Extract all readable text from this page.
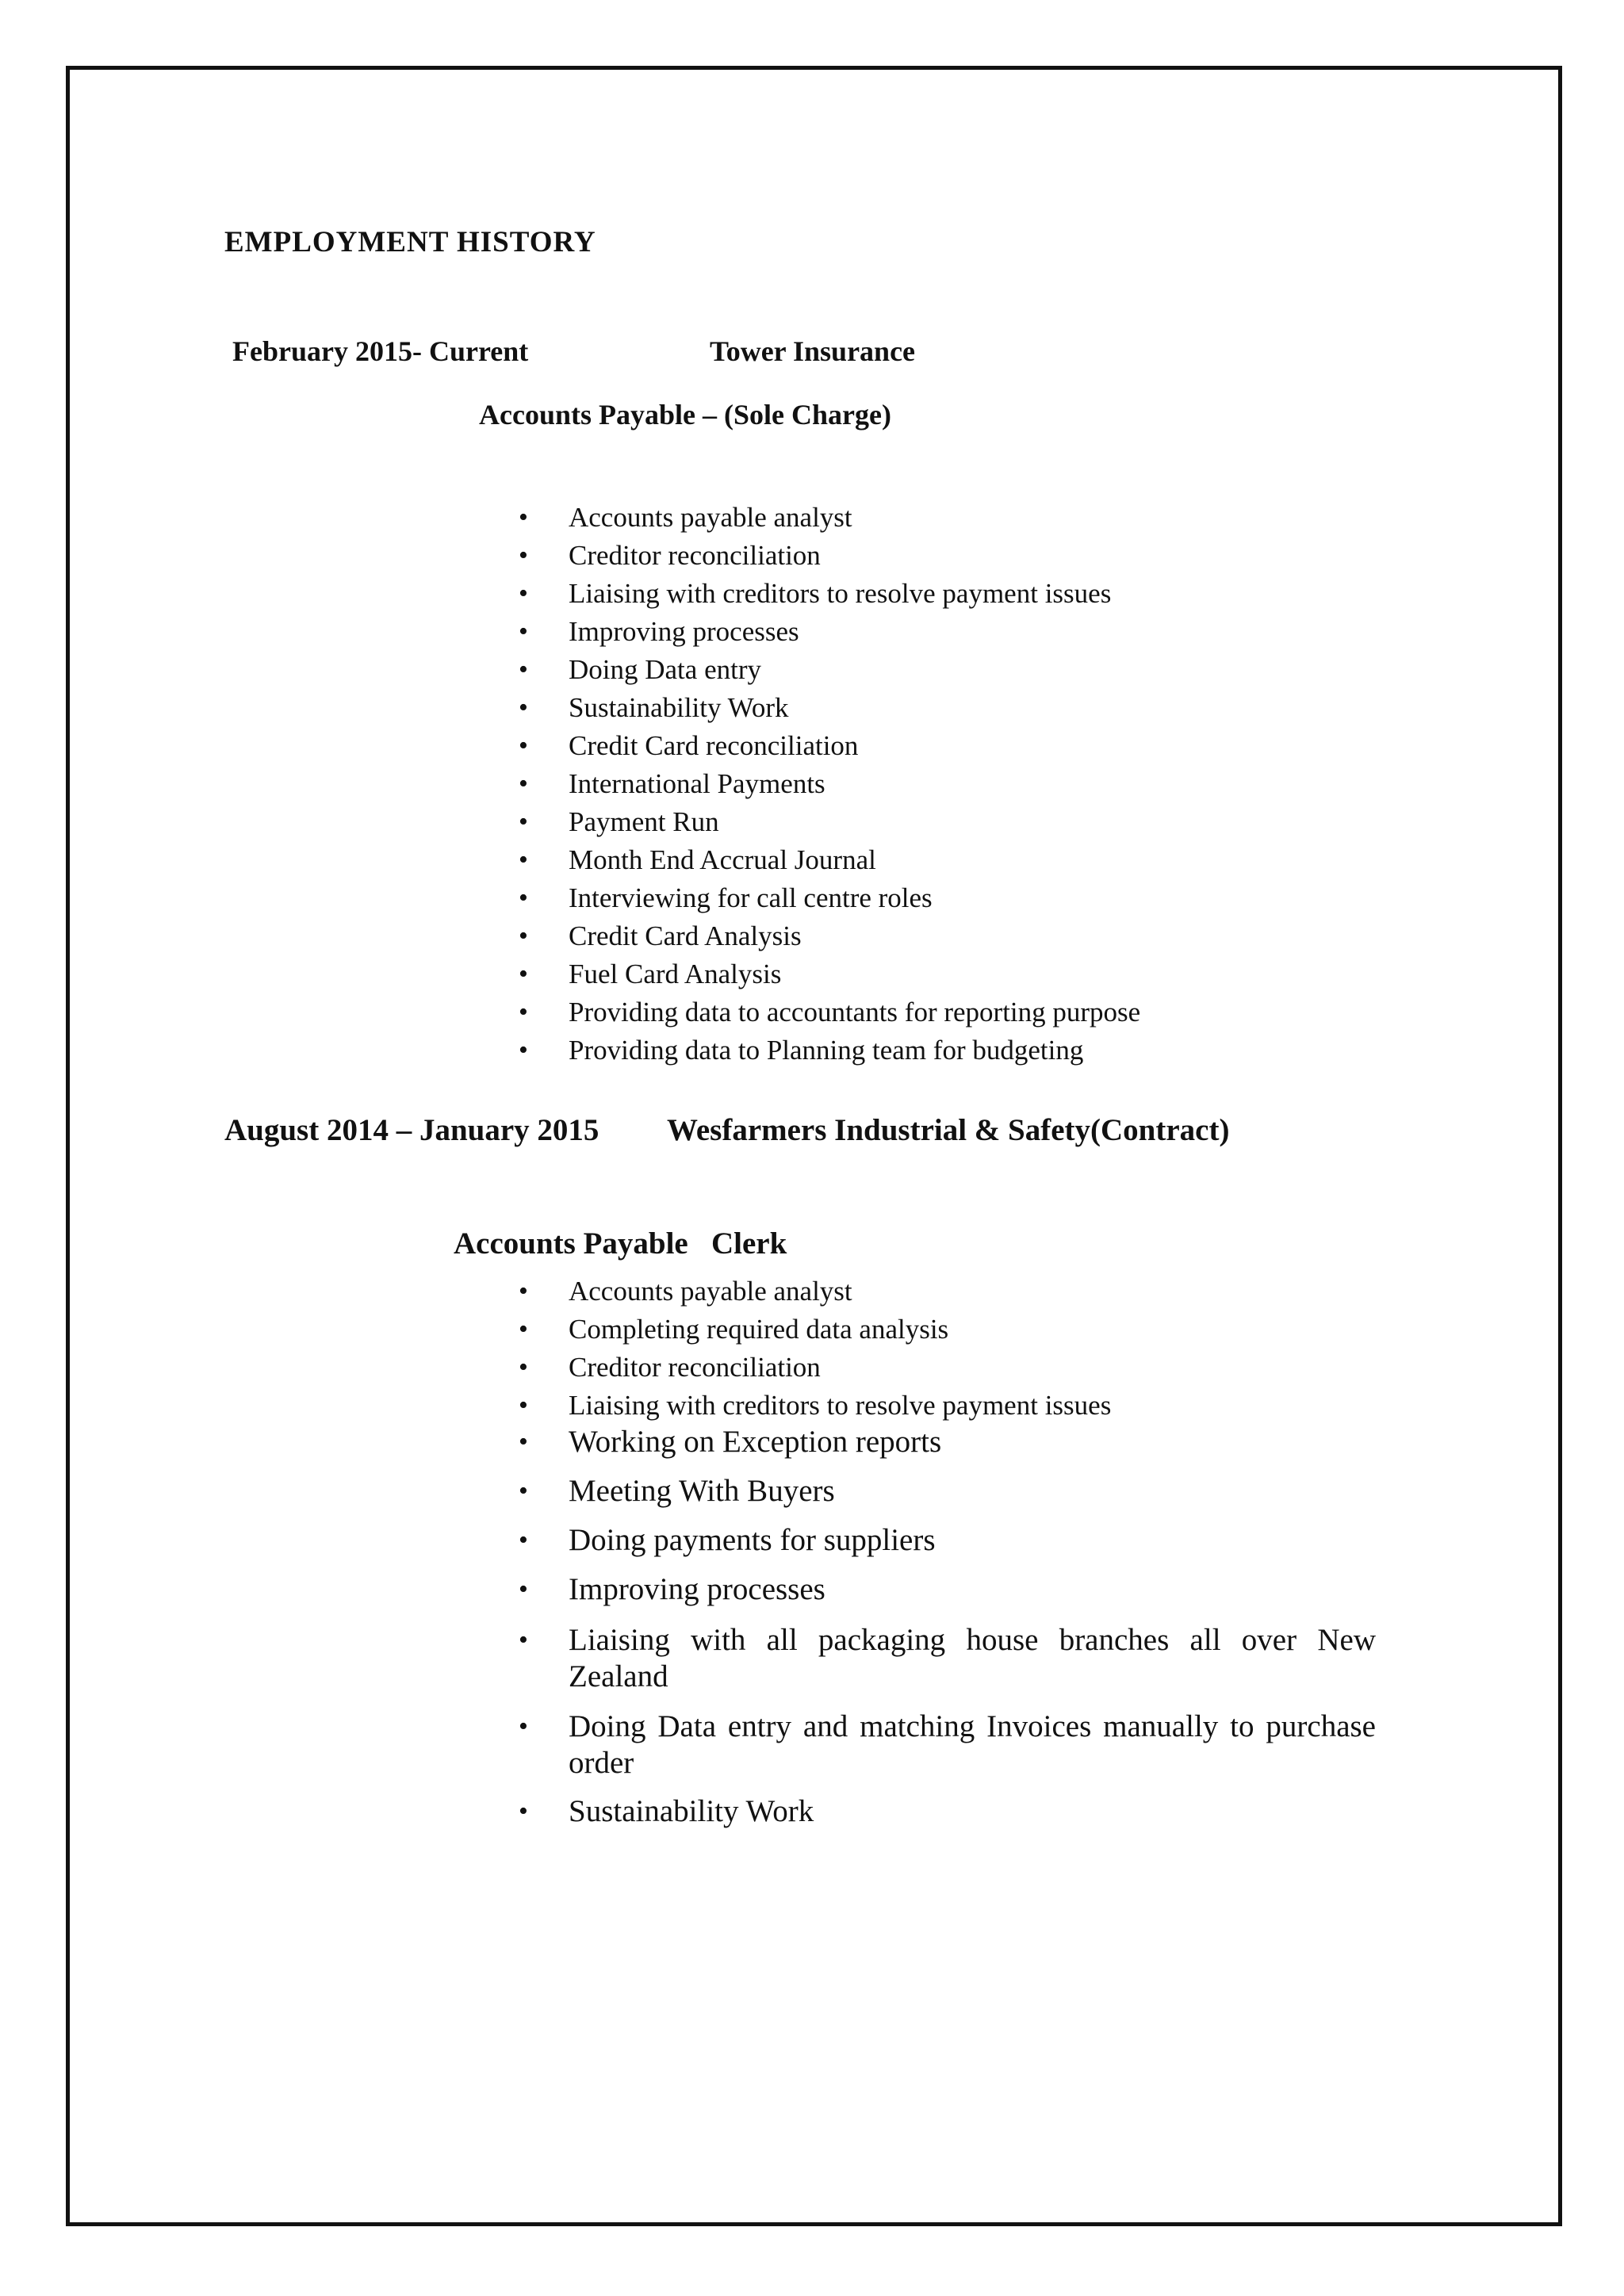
EMPLOYMENT HISTORY
February 2015- Current	Tower Insurance
Accounts Payable – (Sole Charge)
• Accounts payable analyst
• Creditor reconciliation
• Liaising with creditors to resolve payment issues
• Improving processes
• Doing Data entry
• Sustainability Work
• Credit Card reconciliation
• International Payments
• Payment Run
• Month End Accrual Journal
• Interviewing for call centre roles
• Credit Card Analysis
• Fuel Card Analysis
• Providing data to accountants for reporting purpose
• Providing data to Planning team for budgeting
August 2014 – January 2015 Wesfarmers Industrial & Safety(Contract)
Accounts Payable   Clerk
• Accounts payable analyst
• Completing required data analysis
• Creditor reconciliation
• Liaising with creditors to resolve payment issues
• Working on Exception reports
• Meeting With Buyers
• Doing payments for suppliers
• Improving processes
• Liaising with all packaging house branches all over New Zealand
• Doing Data entry and matching Invoices manually to purchase order
• Sustainability Work
